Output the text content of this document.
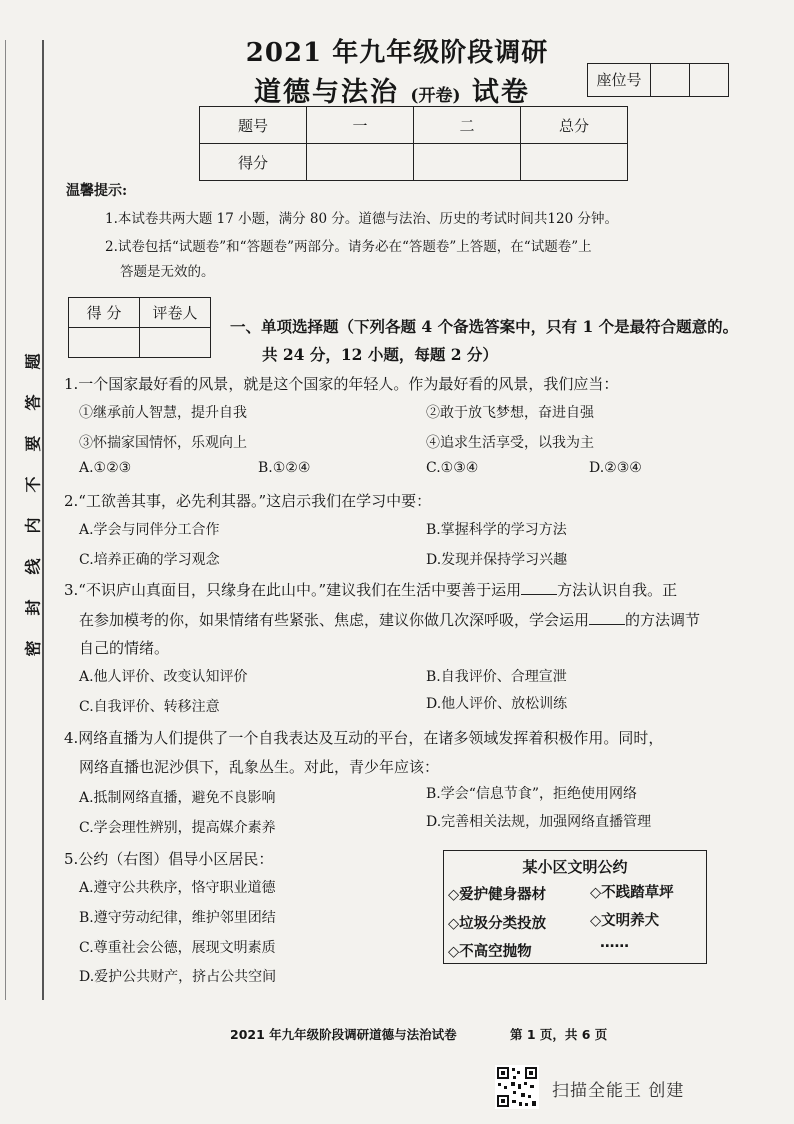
题
答
要
不
内
线
封
密
2021 年九年级阶段调研
道德与法治 (开卷) 试卷	座位号
题号	一	二	总分
得分			
温馨提示:
1.本试卷共两大题 17 小题，满分 80 分。道德与法治、历史的考试时间共120 分钟。
2.试卷包括“试题卷”和“答题卷”两部分。请务必在“答题卷”上答题，在“试题卷”上
答题是无效的。
得 分	评卷人

一、单项选择题（下列各题 4 个备选答案中，只有 1 个是最符合题意的。
共 24 分，12 小题，每题 2 分）
1.一个国家最好看的风景，就是这个国家的年轻人。作为最好看的风景，我们应当：
①继承前人智慧，提升自我	②敢于放飞梦想，奋进自强
③怀揣家国情怀，乐观向上	④追求生活享受，以我为主
A.①②③	B.①②④	C.①③④	D.②③④
2.“工欲善其事，必先利其器。”这启示我们在学习中要：
A.学会与同伴分工合作	B.掌握科学的学习方法
C.培养正确的学习观念	D.发现并保持学习兴趣
3.“不识庐山真面目，只缘身在此山中。”建议我们在生活中要善于运用 方法认识自我。正
在参加模考的你，如果情绪有些紧张、焦虑，建议你做几次深呼吸，学会运用 的方法调节
自己的情绪。
A.他人评价、改变认知评价	B.自我评价、合理宣泄
C.自我评价、转移注意	D.他人评价、放松训练
4.网络直播为人们提供了一个自我表达及互动的平台，在诸多领域发挥着积极作用。同时，
网络直播也泥沙俱下，乱象丛生。对此，青少年应该：
A.抵制网络直播，避免不良影响	B.学会“信息节食”，拒绝使用网络
C.学会理性辨别，提高媒介素养	D.完善相关法规，加强网络直播管理
5.公约（右图）倡导小区居民：
A.遵守公共秩序，恪守职业道德
B.遵守劳动纪律，维护邻里团结
C.尊重社会公德，展现文明素质
D.爱护公共财产，挤占公共空间
某小区文明公约
◇爱护健身器材	◇不践踏草坪
◇垃圾分类投放	◇文明养犬
◇不高空抛物
……
2021 年九年级阶段调研道德与法治试卷	第 1 页，共 6 页
扫描全能王 创建
